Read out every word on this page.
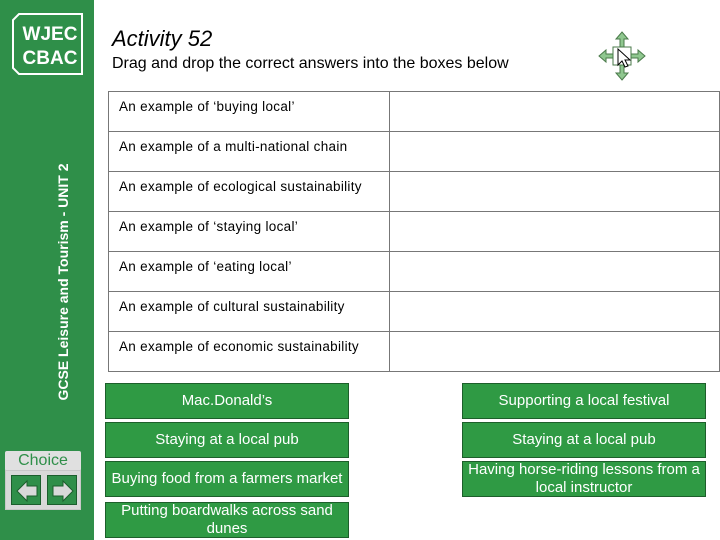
WJEC
CBAC
GCSE Leisure and Tourism - UNIT 2
Choice
Activity 52
Drag and drop the correct answers into the boxes below
An example of ‘buying local’	
An example of a multi-national chain	
An example of ecological sustainability	
An example of ‘staying local’	
An example of ‘eating local’	
An example of cultural sustainability	
An example of economic sustainability	
Mac.Donald’s
Staying at a local pub
Buying food from a farmers market
Putting boardwalks across sand dunes
Supporting a local festival
Staying at a local pub
Having horse-riding lessons from a local instructor
